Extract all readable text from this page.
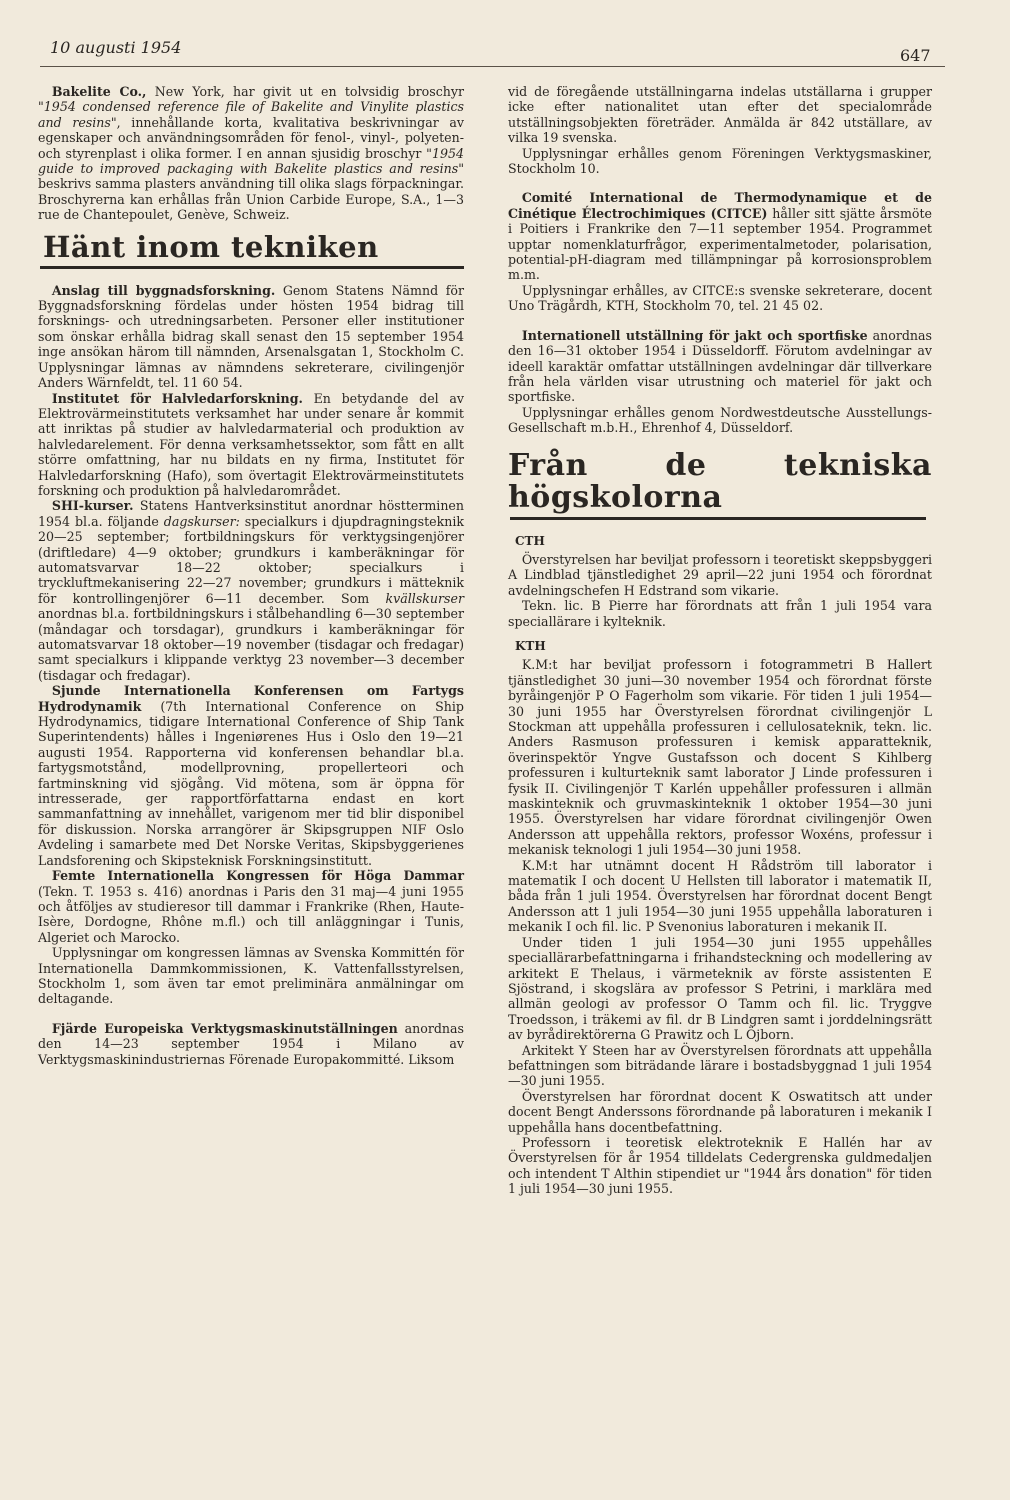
10 augusti 1954	647

Bakelite Co., New York, har givit ut en tolvsidig broschyr "1954 condensed reference file of Bakelite and Vinylite plastics and resins", innehållande korta, kvalitativa beskrivningar av egenskaper och användningsområden för fenol-, vinyl-, polyeten- och styrenplast i olika former. I en annan sjusidig broschyr "1954 guide to improved packaging with Bakelite plastics and resins" beskrivs samma plasters användning till olika slags förpackningar. Broschyrerna kan erhållas från Union Carbide Europe, S.A., 1—3 rue de Chantepoulet, Genève, Schweiz.

Hänt inom tekniken

Anslag till byggnadsforskning. Genom Statens Nämnd för Byggnadsforskning fördelas under hösten 1954 bidrag till forsknings- och utredningsarbeten. Personer eller institutioner som önskar erhålla bidrag skall senast den 15 september 1954 inge ansökan härom till nämnden, Arsenalsgatan 1, Stockholm C. Upplysningar lämnas av nämndens sekreterare, civilingenjör Anders Wärnfeldt, tel. 11 60 54.

Institutet för Halvledarforskning. En betydande del av Elektrovärmeinstitutets verksamhet har under senare år kommit att inriktas på studier av halvledarmaterial och produktion av halvledarelement. För denna verksamhetssektor, som fått en allt större omfattning, har nu bildats en ny firma, Institutet för Halvledarforskning (Hafo), som övertagit Elektrovärmeinstitutets forskning och produktion på halvledarområdet.

SHI-kurser. Statens Hantverksinstitut anordnar höstterminen 1954 bl.a. följande dagskurser: specialkurs i djupdragningsteknik 20—25 september; fortbildningskurs för verktygsingenjörer (driftledare) 4—9 oktober; grundkurs i kamberäkningar för automatsvarvar 18—22 oktober; specialkurs i tryckluftmekanisering 22—27 november; grundkurs i mätteknik för kontrollingenjörer 6—11 december. Som kvällskurser anordnas bl.a. fortbildningskurs i stålbehandling 6—30 september (måndagar och torsdagar), grundkurs i kamberäkningar för automatsvarvar 18 oktober—19 november (tisdagar och fredagar) samt specialkurs i klippande verktyg 23 november—3 december (tisdagar och fredagar).

Sjunde Internationella Konferensen om Fartygs Hydrodynamik (7th International Conference on Ship Hydrodynamics, tidigare International Conference of Ship Tank Superintendents) hålles i Ingeniørenes Hus i Oslo den 19—21 augusti 1954. Rapporterna vid konferensen behandlar bl.a. fartygsmotstånd, modellprovning, propellerteori och fartminskning vid sjögång. Vid mötena, som är öppna för intresserade, ger rapportförfattarna endast en kort sammanfattning av innehållet, varigenom mer tid blir disponibel för diskussion. Norska arrangörer är Skipsgruppen NIF Oslo Avdeling i samarbete med Det Norske Veritas, Skipsbyggerienes Landsforening och Skipsteknisk Forskningsinstitutt.

Femte Internationella Kongressen för Höga Dammar (Tekn. T. 1953 s. 416) anordnas i Paris den 31 maj—4 juni 1955 och åtföljes av studieresor till dammar i Frankrike (Rhen, Haute-Isère, Dordogne, Rhône m.fl.) och till anläggningar i Tunis, Algeriet och Marocko.

Upplysningar om kongressen lämnas av Svenska Kommittén för Internationella Dammkommissionen, K. Vattenfallsstyrelsen, Stockholm 1, som även tar emot preliminära anmälningar om deltagande.

Fjärde Europeiska Verktygsmaskinutställningen anordnas den 14—23 september 1954 i Milano av Verktygsmaskinindustriernas Förenade Europakommitté. Liksom

vid de föregående utställningarna indelas utställarna i grupper icke efter nationalitet utan efter det specialområde utställningsobjekten företräder. Anmälda är 842 utställare, av vilka 19 svenska.

Upplysningar erhålles genom Föreningen Verktygsmaskiner, Stockholm 10.

Comité International de Thermodynamique et de Cinétique Électrochimiques (CITCE) håller sitt sjätte årsmöte i Poitiers i Frankrike den 7—11 september 1954. Programmet upptar nomenklaturfrågor, experimentalmetoder, polarisation, potential-pH-diagram med tillämpningar på korrosionsproblem m.m.

Upplysningar erhålles, av CITCE:s svenske sekreterare, docent Uno Trägårdh, KTH, Stockholm 70, tel. 21 45 02.

Internationell utställning för jakt och sportfiske anordnas den 16—31 oktober 1954 i Düsseldorff. Förutom avdelningar av ideell karaktär omfattar utställningen avdelningar där tillverkare från hela världen visar utrustning och materiel för jakt och sportfiske.

Upplysningar erhålles genom Nordwestdeutsche Ausstellungs-Gesellschaft m.b.H., Ehrenhof 4, Düsseldorf.

Från de tekniska högskolorna
CTH

Överstyrelsen har beviljat professorn i teoretiskt skeppsbyggeri A Lindblad tjänstledighet 29 april—22 juni 1954 och förordnat avdelningschefen H Edstrand som vikarie.

Tekn. lic. B Pierre har förordnats att från 1 juli 1954 vara speciallärare i kylteknik.

KTH

K.M:t har beviljat professorn i fotogrammetri B Hallert tjänstledighet 30 juni—30 november 1954 och förordnat förste byråingenjör P O Fagerholm som vikarie. För tiden 1 juli 1954—30 juni 1955 har Överstyrelsen förordnat civilingenjör L Stockman att uppehålla professuren i cellulosateknik, tekn. lic. Anders Rasmuson professuren i kemisk apparatteknik, överinspektör Yngve Gustafsson och docent S Kihlberg professuren i kulturteknik samt laborator J Linde professuren i fysik II. Civilingenjör T Karlén uppehåller professuren i allmän maskinteknik och gruvmaskinteknik 1 oktober 1954—30 juni 1955. Överstyrelsen har vidare förordnat civilingenjör Owen Andersson att uppehålla rektors, professor Woxéns, professur i mekanisk teknologi 1 juli 1954—30 juni 1958.

K.M:t har utnämnt docent H Rådström till laborator i matematik I och docent U Hellsten till laborator i matematik II, båda från 1 juli 1954. Överstyrelsen har förordnat docent Bengt Andersson att 1 juli 1954—30 juni 1955 uppehålla laboraturen i mekanik I och fil. lic. P Svenonius laboraturen i mekanik II.

Under tiden 1 juli 1954—30 juni 1955 uppehålles speciallärarbefattningarna i frihandsteckning och modellering av arkitekt E Thelaus, i värmeteknik av förste assistenten E Sjöstrand, i skogslära av professor S Petrini, i marklära med allmän geologi av professor O Tamm och fil. lic. Tryggve Troedsson, i träkemi av fil. dr B Lindgren samt i jorddelningsrätt av byrådirektörerna G Prawitz och L Öjborn.

Arkitekt Y Steen har av Överstyrelsen förordnats att uppehålla befattningen som biträdande lärare i bostadsbyggnad 1 juli 1954—30 juni 1955.

Överstyrelsen har förordnat docent K Oswatitsch att under docent Bengt Anderssons förordnande på laboraturen i mekanik I uppehålla hans docentbefattning.

Professorn i teoretisk elektroteknik E Hallén har av Överstyrelsen för år 1954 tilldelats Cedergrenska guldmedaljen och intendent T Althin stipendiet ur "1944 års donation" för tiden 1 juli 1954—30 juni 1955.
